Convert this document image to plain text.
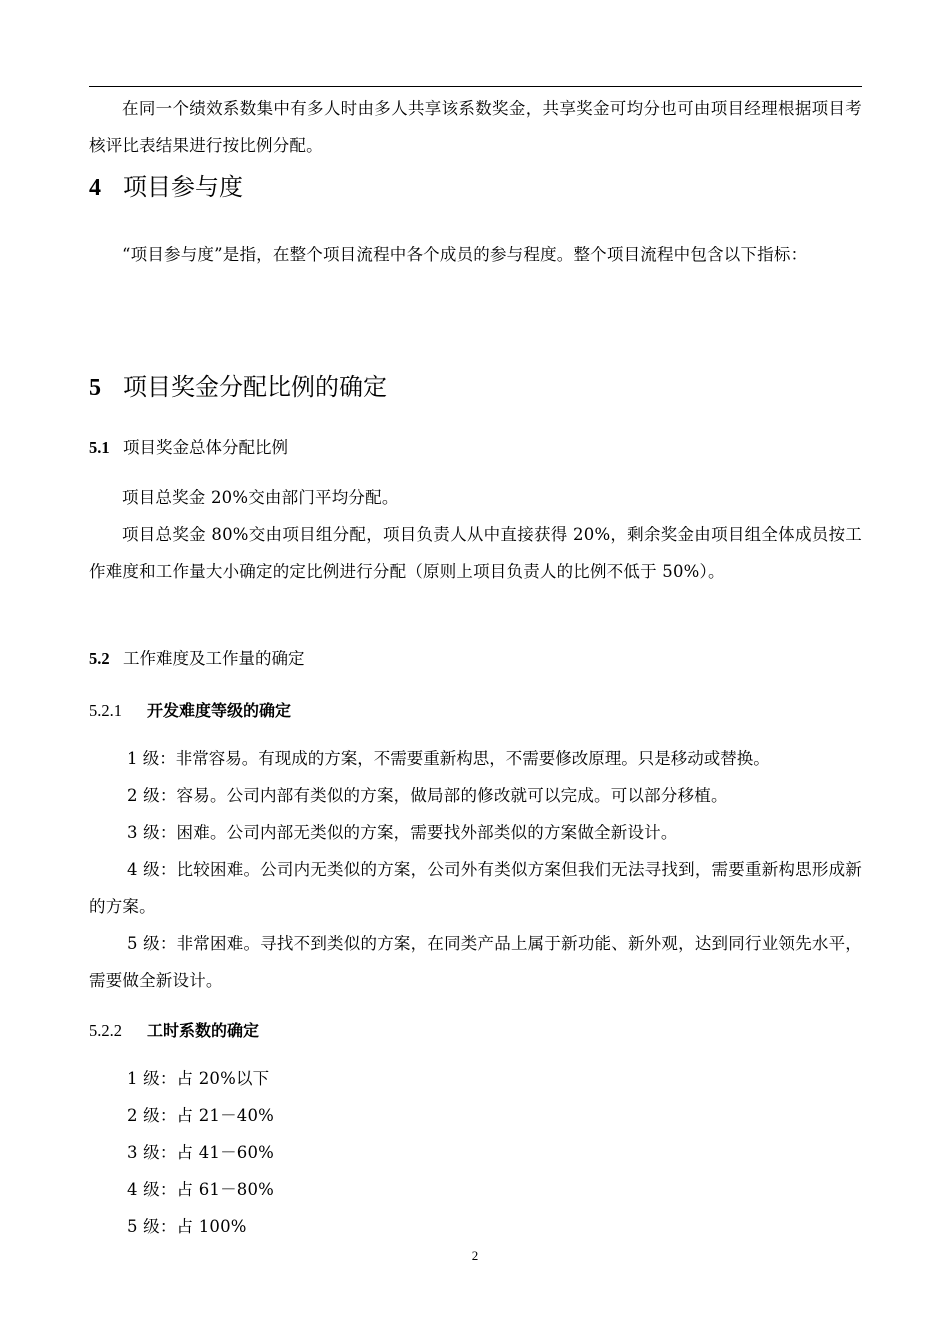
在同一个绩效系数集中有多人时由多人共享该系数奖金，共享奖金可均分也可由项目经理根据项目考核评比表结果进行按比例分配。

4 项目参与度

“项目参与度”是指，在整个项目流程中各个成员的参与程度。整个项目流程中包含以下指标：

5 项目奖金分配比例的确定

5.1 项目奖金总体分配比例

项目总奖金 20%交由部门平均分配。

项目总奖金 80%交由项目组分配，项目负责人从中直接获得 20%，剩余奖金由项目组全体成员按工作难度和工作量大小确定的定比例进行分配（原则上项目负责人的比例不低于 50%）。

5.2 工作难度及工作量的确定

5.2.1 开发难度等级的确定

1 级：非常容易。有现成的方案，不需要重新构思，不需要修改原理。只是移动或替换。

2 级：容易。公司内部有类似的方案，做局部的修改就可以完成。可以部分移植。

3 级：困难。公司内部无类似的方案，需要找外部类似的方案做全新设计。

4 级：比较困难。公司内无类似的方案，公司外有类似方案但我们无法寻找到，需要重新构思形成新的方案。

5 级：非常困难。寻找不到类似的方案，在同类产品上属于新功能、新外观，达到同行业领先水平，需要做全新设计。

5.2.2 工时系数的确定

1 级：占 20%以下

2 级：占 21－40%

3 级：占 41－60%

4 级：占 61－80%

5 级：占 100%

2
